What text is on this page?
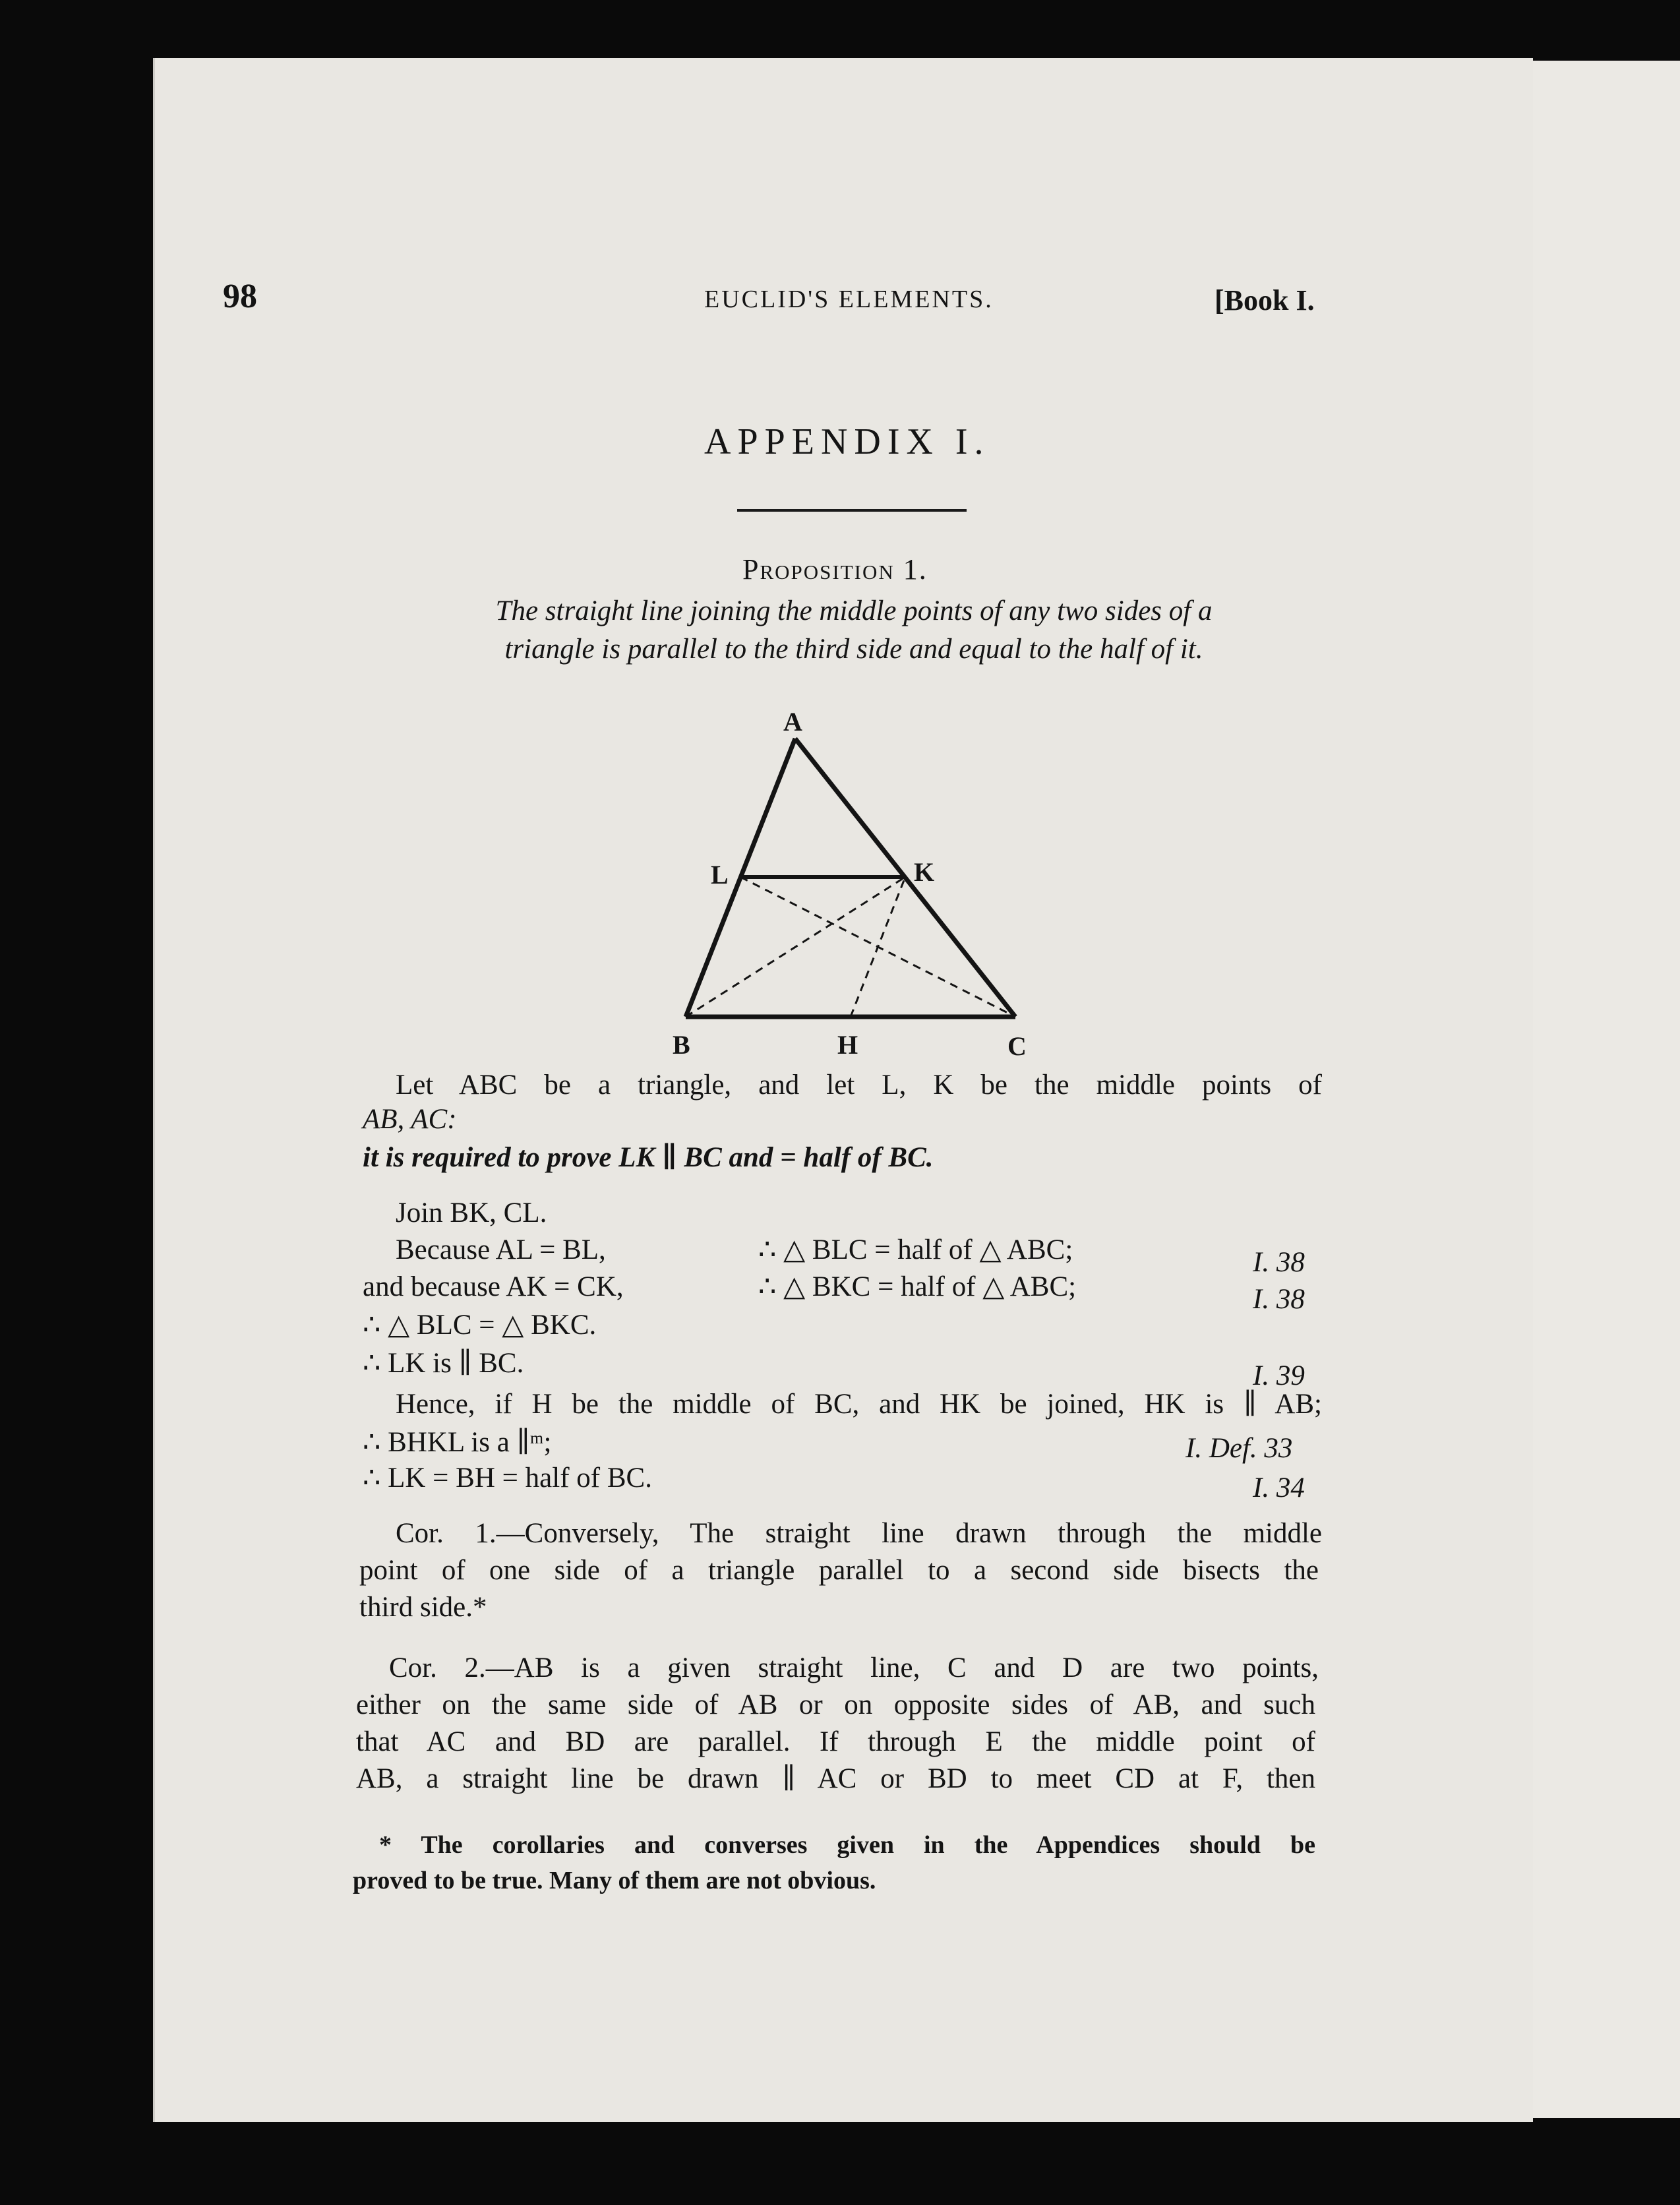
98	EUCLID'S ELEMENTS.	[Book I.
APPENDIX I.
Proposition 1.
The straight line joining the middle points of any two sides of a
triangle is parallel to the third side and equal to the half of it.
A
B	C
L	K
H
Let ABC be a triangle, and let L, K be the middle points of
AB, AC:
it is required to prove LK ∥ BC and = half of BC.
Join BK, CL.
Because AL = BL,	∴ △ BLC = half of △ ABC;	I. 38
and because AK = CK,	∴ △ BKC = half of △ ABC;	I. 38
∴ △ BLC = △ BKC.
∴ LK is ∥ BC.	I. 39
Hence, if H be the middle of BC, and HK be joined, HK is ∥ AB;
∴ BHKL is a ∥ᵐ;	I. Def. 33
∴ LK = BH = half of BC.	I. 34
Cor. 1.—Conversely, The straight line drawn through the middle
point of one side of a triangle parallel to a second side bisects the
third side.*
Cor. 2.—AB is a given straight line, C and D are two points,
either on the same side of AB or on opposite sides of AB, and such
that AC and BD are parallel. If through E the middle point of
AB, a straight line be drawn ∥ AC or BD to meet CD at F, then
* The corollaries and converses given in the Appendices should be
proved to be true. Many of them are not obvious.
